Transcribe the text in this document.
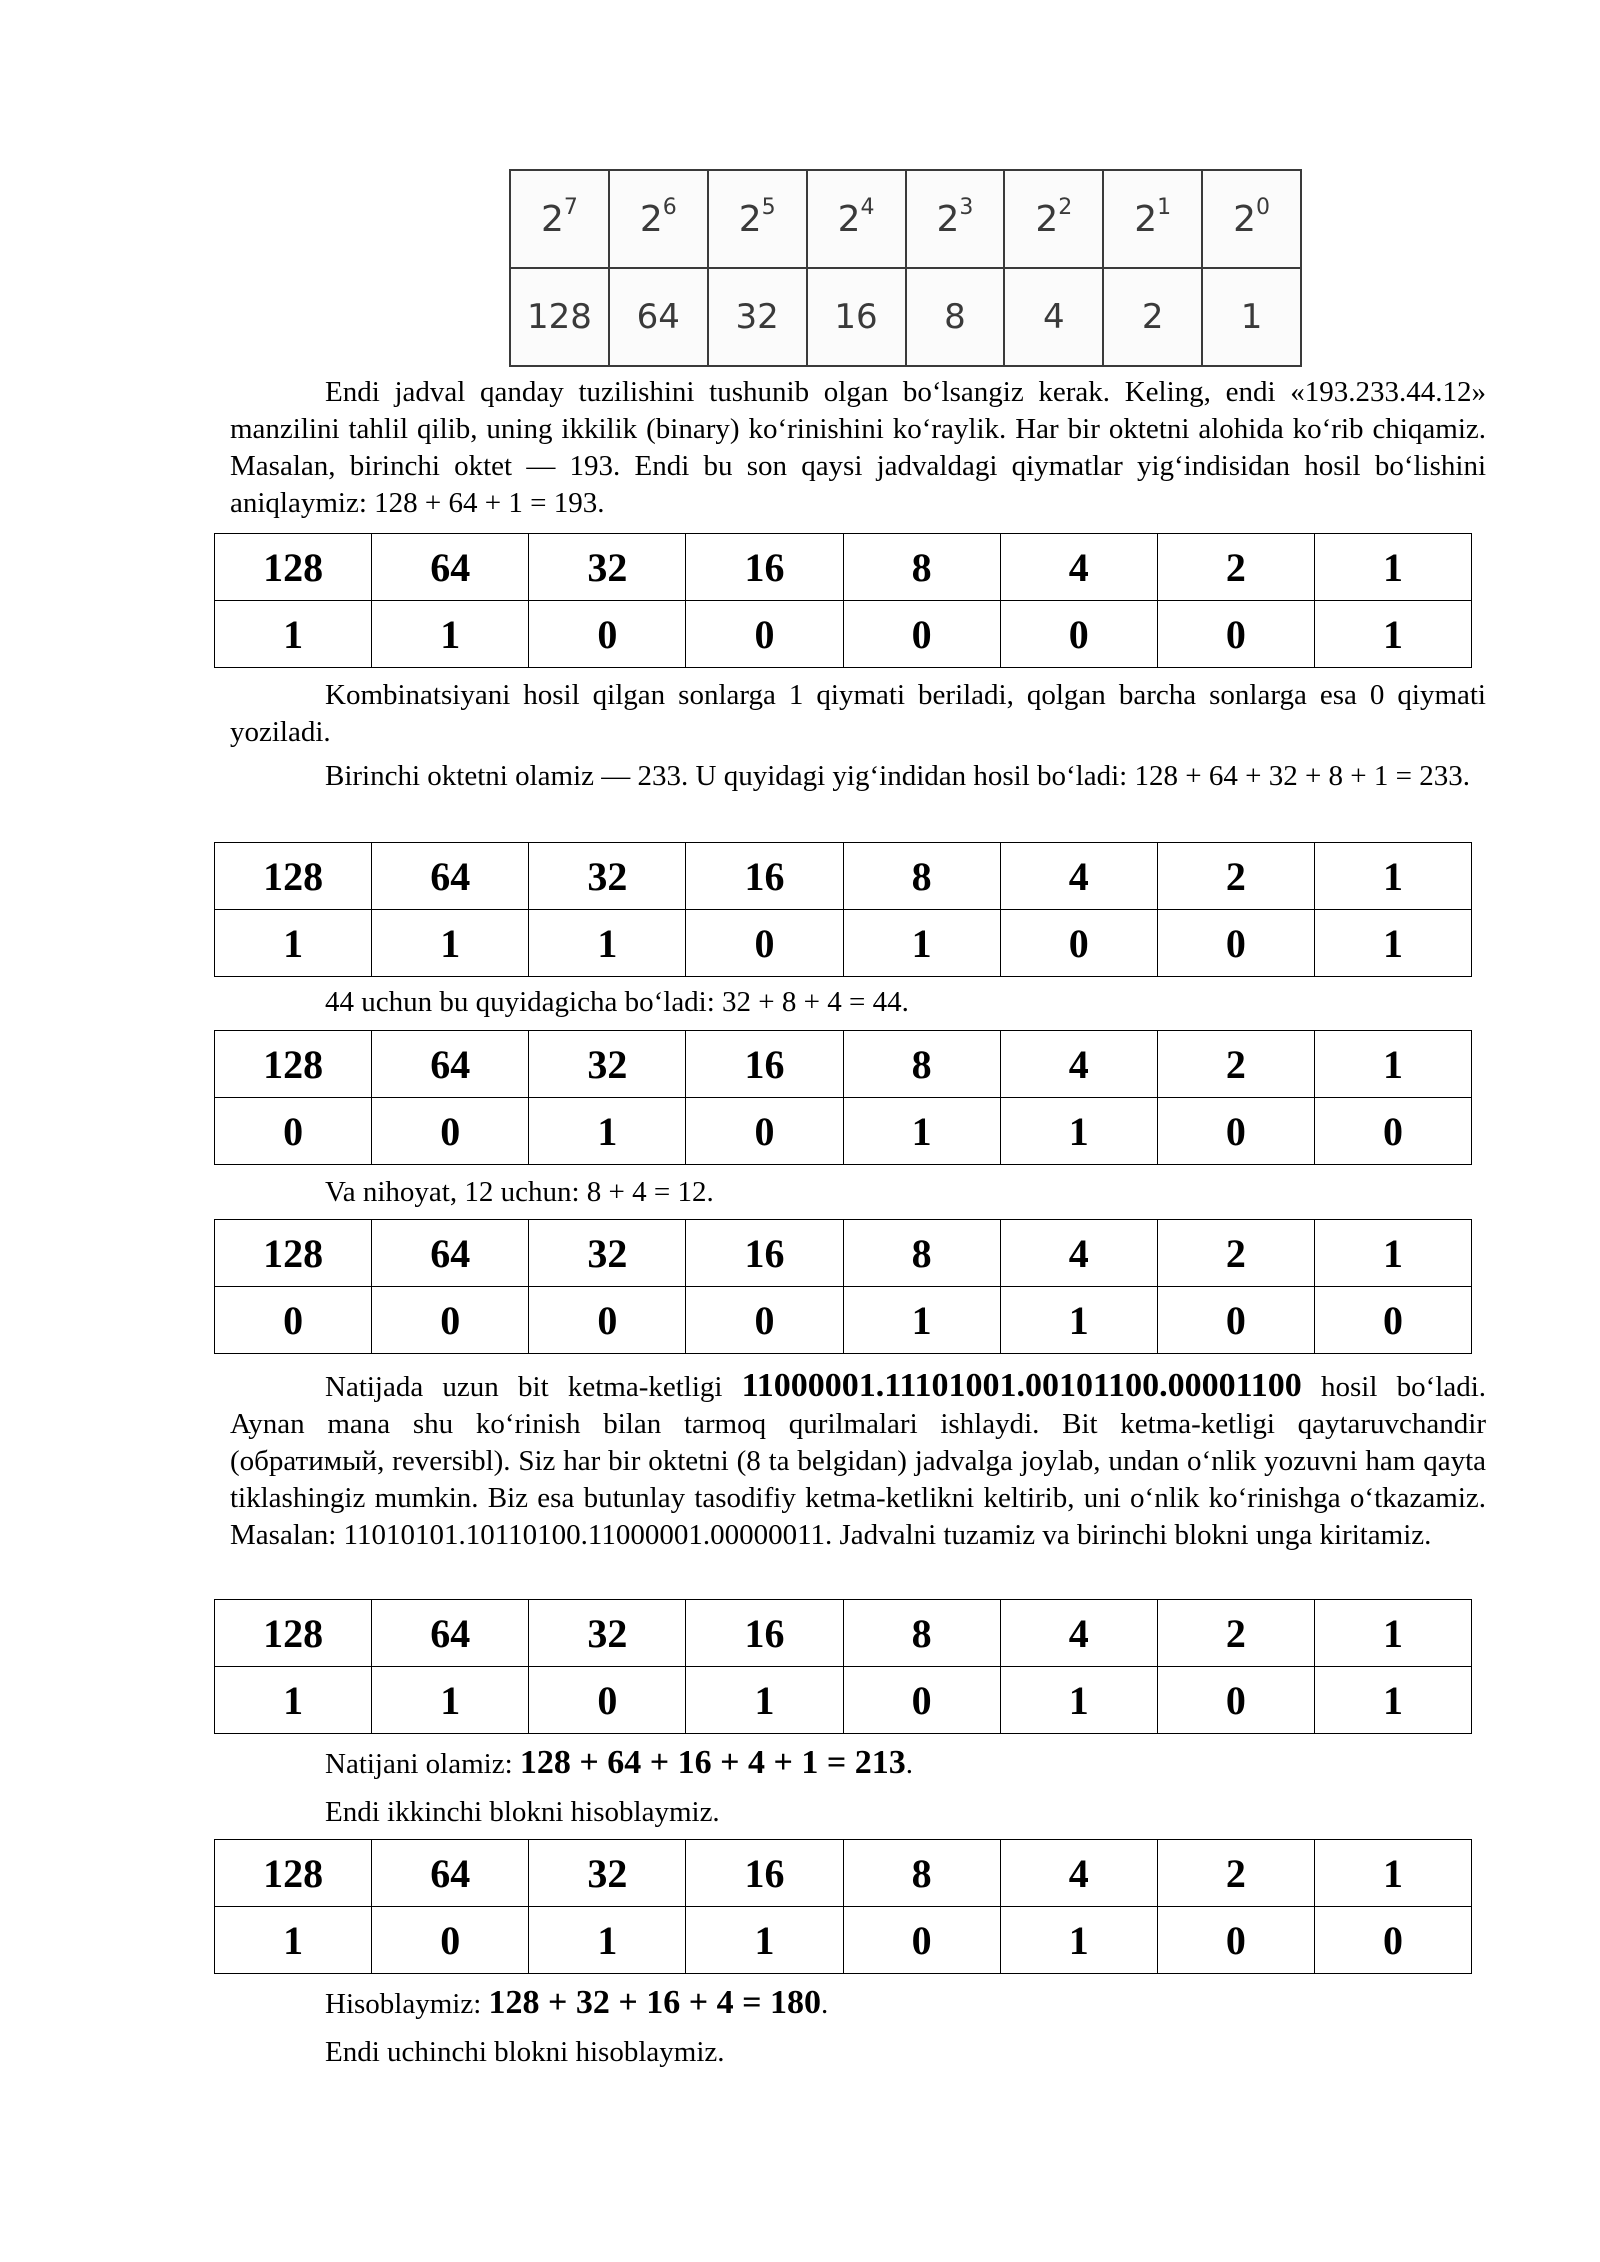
$2^7$	$2^6$	$2^5$	$2^4$	$2^3$	$2^2$	$2^1$	$2^0$
128	64	32	16	8	4	2	1

Endi jadval qanday tuzilishini tushunib olgan bo‘lsangiz kerak. Keling, endi «193.233.44.12» manzilini tahlil qilib, uning ikkilik (binary) ko‘rinishini ko‘raylik. Har bir oktetni alohida ko‘rib chiqamiz. Masalan, birinchi oktet — 193. Endi bu son qaysi jadvaldagi qiymatlar yig‘indisidan hosil bo‘lishini aniqlaymiz: 128 + 64 + 1 = 193.

128	64	32	16	8	4	2	1
1	1	0	0	0	0	0	1

Kombinatsiyani hosil qilgan sonlarga 1 qiymati beriladi, qolgan barcha sonlarga esa 0 qiymati yoziladi.

Birinchi oktetni olamiz — 233. U quyidagi yig‘indidan hosil bo‘ladi: 128 + 64 + 32 + 8 + 1 = 233.

128	64	32	16	8	4	2	1
1	1	1	0	1	0	0	1

44 uchun bu quyidagicha bo‘ladi: 32 + 8 + 4 = 44.

128	64	32	16	8	4	2	1
0	0	1	0	1	1	0	0

Va nihoyat, 12 uchun: 8 + 4 = 12.

128	64	32	16	8	4	2	1
0	0	0	0	1	1	0	0

Natijada uzun bit ketma-ketligi 11000001.11101001.00101100.00001100 hosil bo‘ladi. Aynan mana shu ko‘rinish bilan tarmoq qurilmalari ishlaydi. Bit ketma-ketligi qaytaruvchandir (обратимый, reversibl). Siz har bir oktetni (8 ta belgidan) jadvalga joylab, undan o‘nlik yozuvni ham qayta tiklashingiz mumkin. Biz esa butunlay tasodifiy ketma-ketlikni keltirib, uni o‘nlik ko‘rinishga o‘tkazamiz. Masalan: 11010101.10110100.11000001.00000011. Jadvalni tuzamiz va birinchi blokni unga kiritamiz.

128	64	32	16	8	4	2	1
1	1	0	1	0	1	0	1

Natijani olamiz: 128 + 64 + 16 + 4 + 1 = 213.

Endi ikkinchi blokni hisoblaymiz.

128	64	32	16	8	4	2	1
1	0	1	1	0	1	0	0

Hisoblaymiz: 128 + 32 + 16 + 4 = 180.

Endi uchinchi blokni hisoblaymiz.
